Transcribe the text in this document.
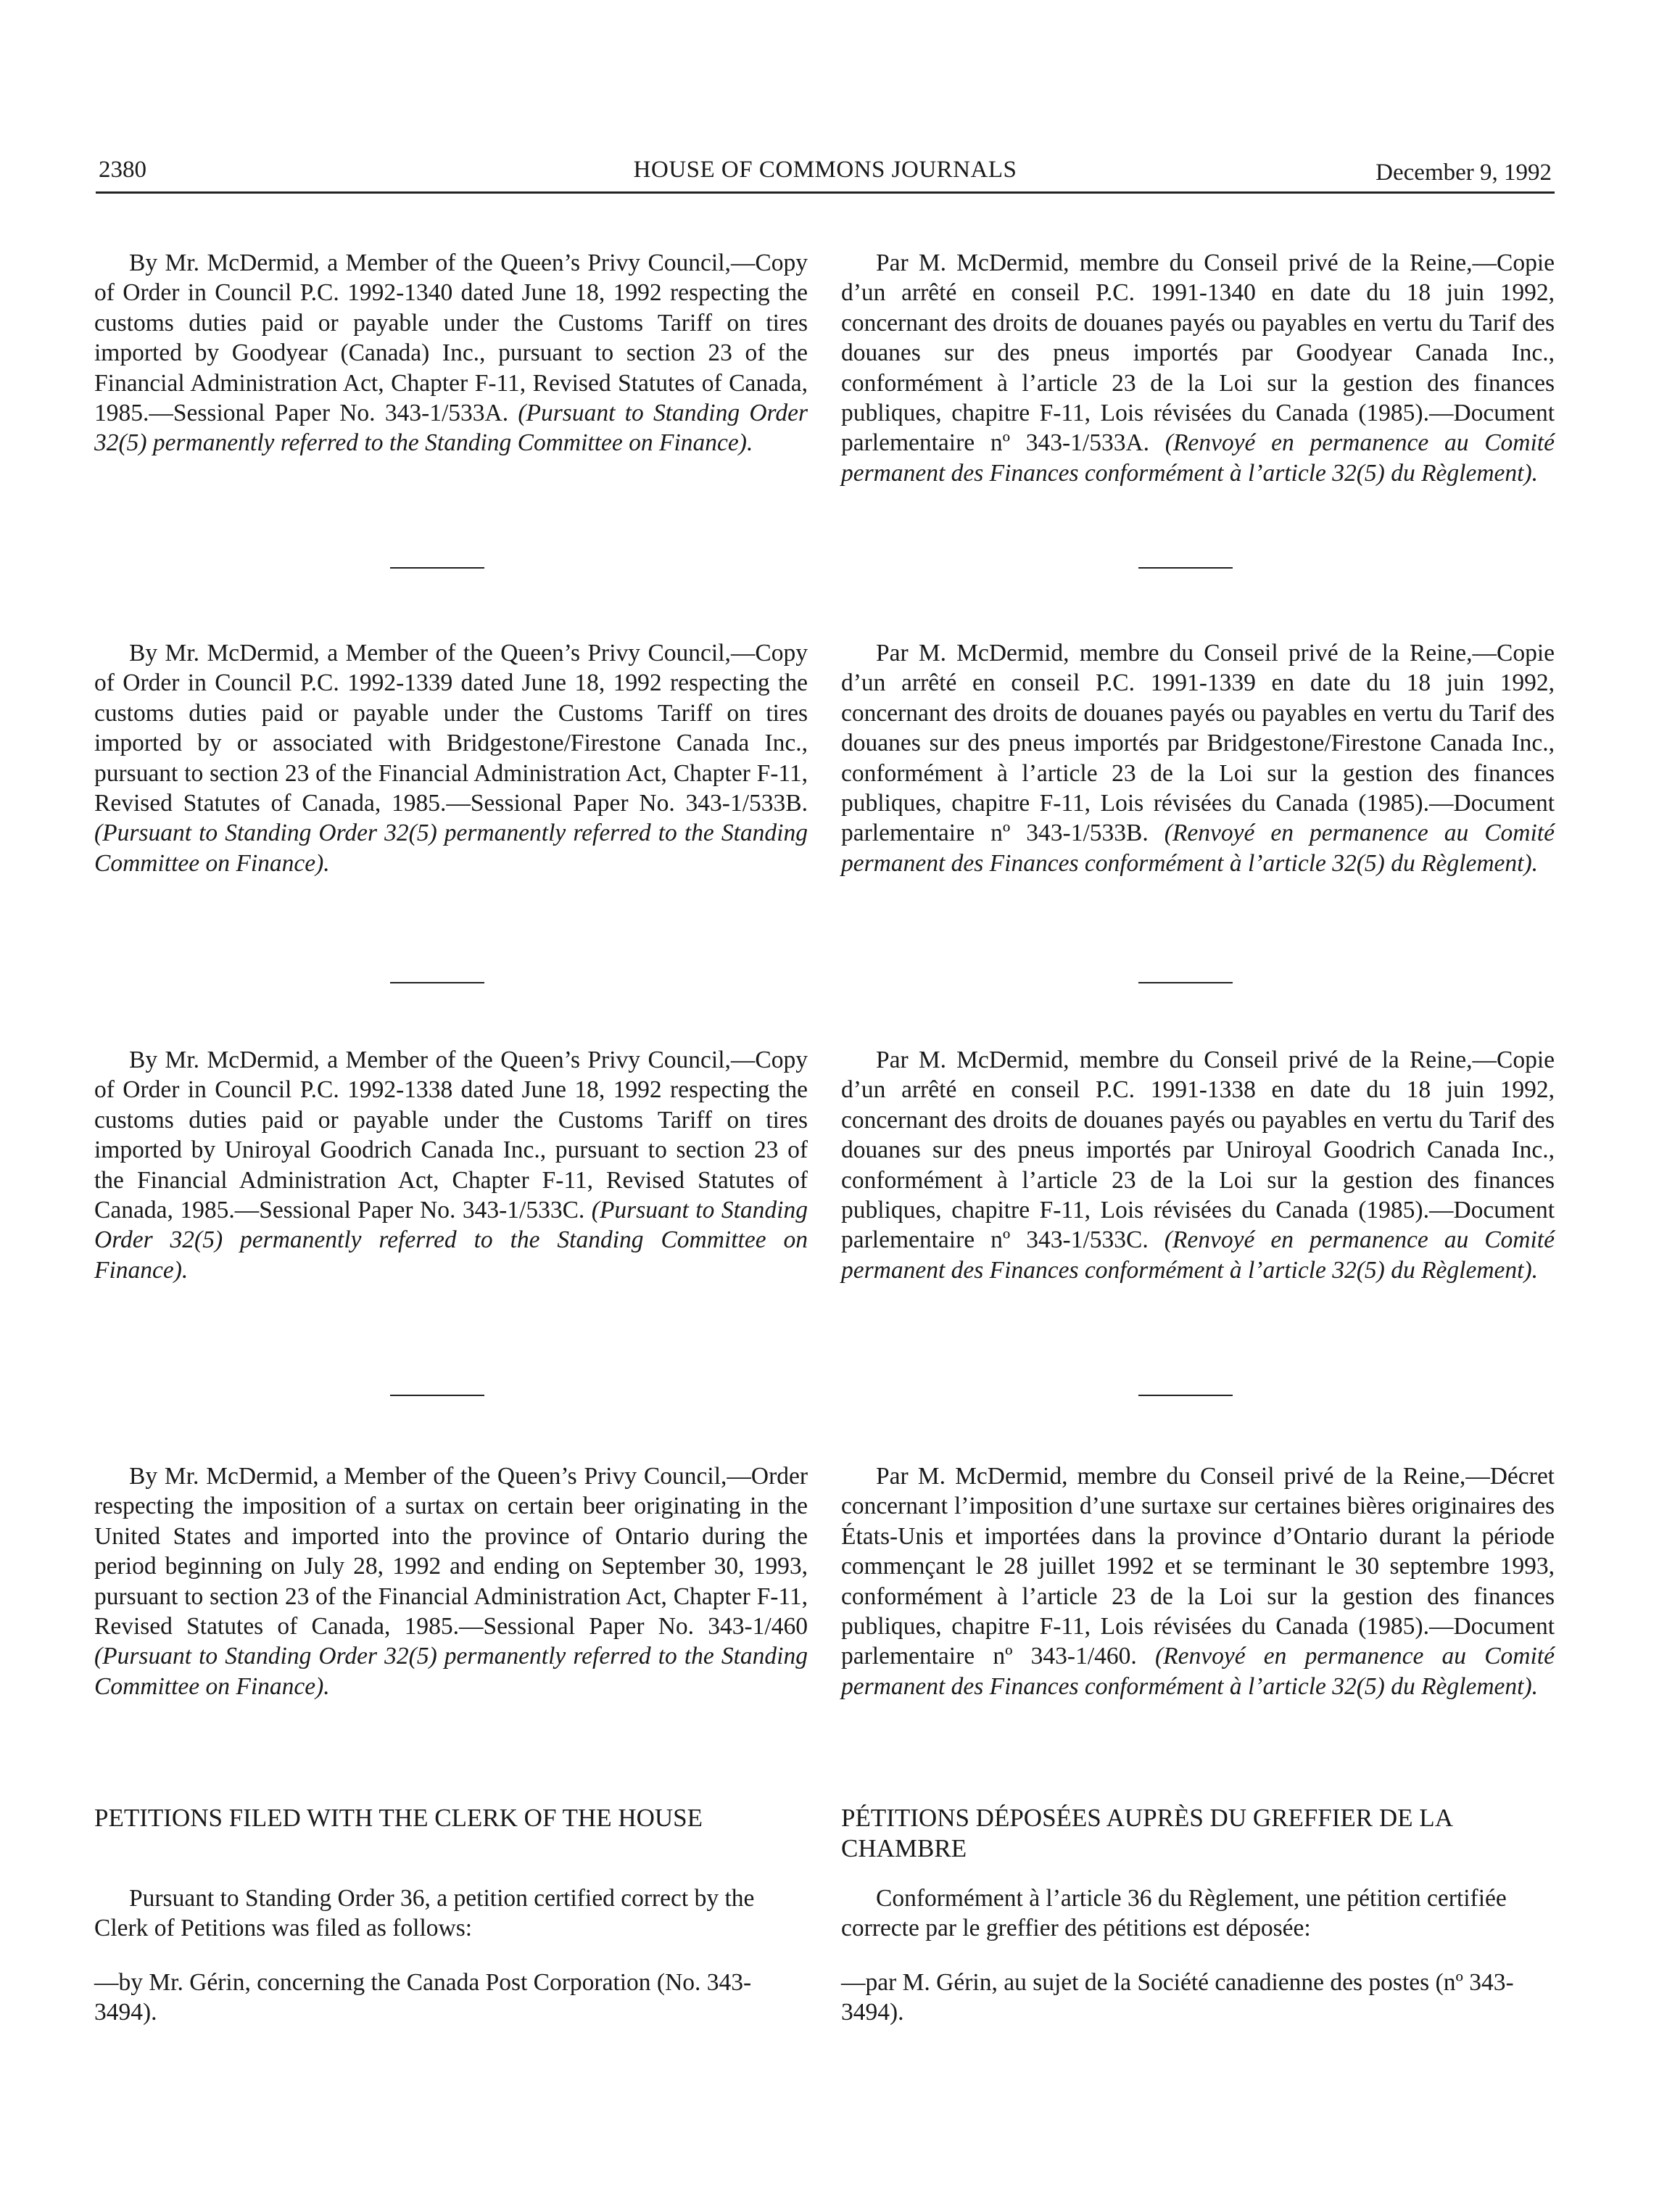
2380	HOUSE OF COMMONS JOURNALS	December 9, 1992

By Mr. McDermid, a Member of the Queen’s Privy Council,—Copy of Order in Council P.C. 1992-1340 dated June 18, 1992 respecting the customs duties paid or payable under the Customs Tariff on tires imported by Goodyear (Canada) Inc., pursuant to section 23 of the Financial Administration Act, Chapter F-11, Revised Statutes of Canada, 1985.—Sessional Paper No. 343-1/533A. (Pursuant to Standing Order 32(5) permanently referred to the Standing Committee on Finance).

By Mr. McDermid, a Member of the Queen’s Privy Council,—Copy of Order in Council P.C. 1992-1339 dated June 18, 1992 respecting the customs duties paid or payable under the Customs Tariff on tires imported by or associated with Bridgestone/Firestone Canada Inc., pursuant to section 23 of the Financial Administration Act, Chapter F-11, Revised Statutes of Canada, 1985.—Sessional Paper No. 343-1/533B. (Pursuant to Standing Order 32(5) permanently referred to the Standing Committee on Finance).

By Mr. McDermid, a Member of the Queen’s Privy Council,—Copy of Order in Council P.C. 1992-1338 dated June 18, 1992 respecting the customs duties paid or payable under the Customs Tariff on tires imported by Uniroyal Goodrich Canada Inc., pursuant to section 23 of the Financial Administration Act, Chapter F-11, Revised Statutes of Canada, 1985.—Sessional Paper No. 343-1/533C. (Pursuant to Standing Order 32(5) permanently referred to the Standing Committee on Finance).

By Mr. McDermid, a Member of the Queen’s Privy Council,—Order respecting the imposition of a surtax on certain beer originating in the United States and imported into the province of Ontario during the period beginning on July 28, 1992 and ending on September 30, 1993, pursuant to section 23 of the Financial Administration Act, Chapter F-11, Revised Statutes of Canada, 1985.—Sessional Paper No. 343-1/460 (Pursuant to Standing Order 32(5) permanently referred to the Standing Committee on Finance).

PETITIONS FILED WITH THE CLERK OF THE HOUSE

Pursuant to Standing Order 36, a petition certified correct by the Clerk of Petitions was filed as follows:

—by Mr. Gérin, concerning the Canada Post Corporation (No. 343-3494).

Par M. McDermid, membre du Conseil privé de la Reine,—Copie d’un arrêté en conseil P.C. 1991-1340 en date du 18 juin 1992, concernant des droits de douanes payés ou payables en vertu du Tarif des douanes sur des pneus importés par Goodyear Canada Inc., conformément à l’article 23 de la Loi sur la gestion des finances publiques, chapitre F-11, Lois révisées du Canada (1985).—Document parlementaire nº 343-1/533A. (Renvoyé en permanence au Comité permanent des Finances conformément à l’article 32(5) du Règlement).

Par M. McDermid, membre du Conseil privé de la Reine,—Copie d’un arrêté en conseil P.C. 1991-1339 en date du 18 juin 1992, concernant des droits de douanes payés ou payables en vertu du Tarif des douanes sur des pneus importés par Bridgestone/Firestone Canada Inc., conformément à l’article 23 de la Loi sur la gestion des finances publiques, chapitre F-11, Lois révisées du Canada (1985).—Document parlementaire nº 343-1/533B. (Renvoyé en permanence au Comité permanent des Finances conformément à l’article 32(5) du Règlement).

Par M. McDermid, membre du Conseil privé de la Reine,—Copie d’un arrêté en conseil P.C. 1991-1338 en date du 18 juin 1992, concernant des droits de douanes payés ou payables en vertu du Tarif des douanes sur des pneus importés par Uniroyal Goodrich Canada Inc., conformément à l’article 23 de la Loi sur la gestion des finances publiques, chapitre F-11, Lois révisées du Canada (1985).—Document parlementaire nº 343-1/533C. (Renvoyé en permanence au Comité permanent des Finances conformément à l’article 32(5) du Règlement).

Par M. McDermid, membre du Conseil privé de la Reine,—Décret concernant l’imposition d’une surtaxe sur certaines bières originaires des États-Unis et importées dans la province d’Ontario durant la période commençant le 28 juillet 1992 et se terminant le 30 septembre 1993, conformément à l’article 23 de la Loi sur la gestion des finances publiques, chapitre F-11, Lois révisées du Canada (1985).—Document parlementaire nº 343-1/460. (Renvoyé en permanence au Comité permanent des Finances conformément à l’article 32(5) du Règlement).

PÉTITIONS DÉPOSÉES AUPRÈS DU GREFFIER DE LA CHAMBRE

Conformément à l’article 36 du Règlement, une pétition certifiée correcte par le greffier des pétitions est déposée:

—par M. Gérin, au sujet de la Société canadienne des postes (nº 343-3494).
